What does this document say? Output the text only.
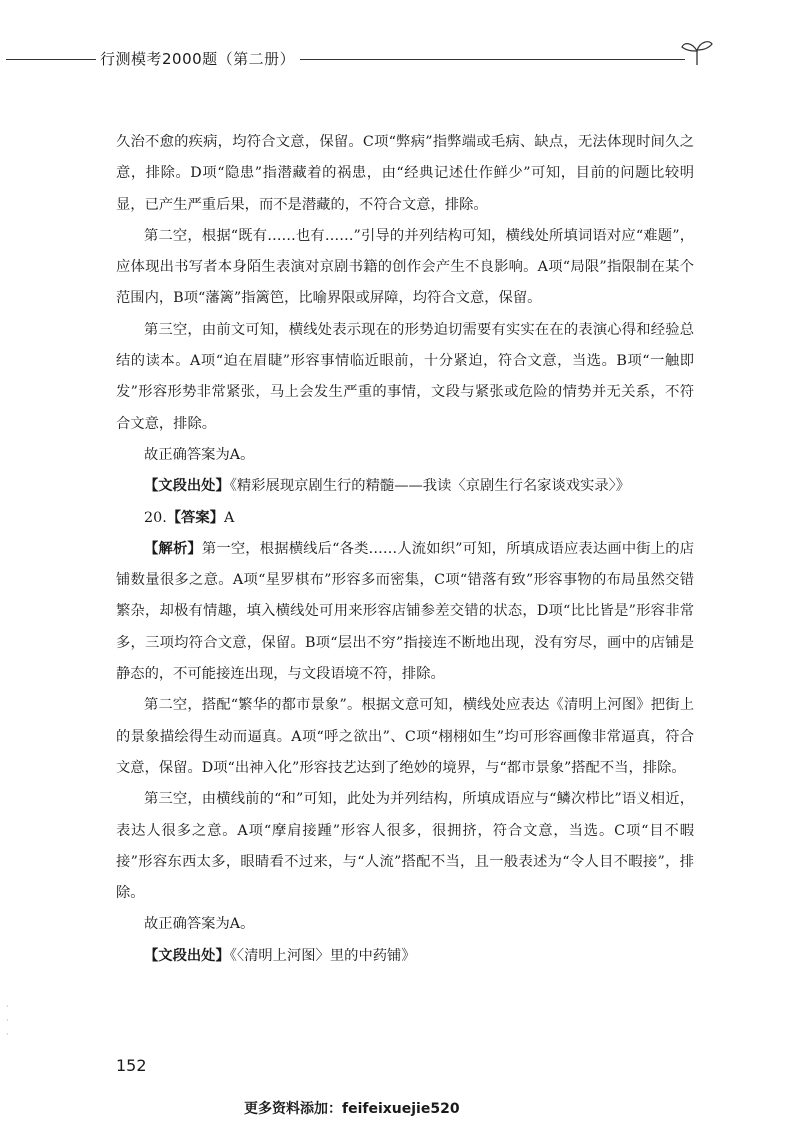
行测模考2000题（第二册）

久治不愈的疾病，均符合文意，保留。C项“弊病”指弊端或毛病、缺点，无法体现时间久之意，排除。D项“隐患”指潜藏着的祸患，由“经典记述仕作鲜少”可知，目前的问题比较明显，已产生严重后果，而不是潜藏的，不符合文意，排除。

第二空，根据“既有……也有……”引导的并列结构可知，横线处所填词语对应“难题”，应体现出书写者本身陌生表演对京剧书籍的创作会产生不良影响。A项“局限”指限制在某个范围内，B项“藩篱”指篱笆，比喻界限或屏障，均符合文意，保留。

第三空，由前文可知，横线处表示现在的形势迫切需要有实实在在的表演心得和经验总结的读本。A项“迫在眉睫”形容事情临近眼前，十分紧迫，符合文意，当选。B项“一触即发”形容形势非常紧张，马上会发生严重的事情，文段与紧张或危险的情势并无关系，不符合文意，排除。

故正确答案为A。

【文段出处】《精彩展现京剧生行的精髓——我读〈京剧生行名家谈戏实录〉》

20.【答案】A

【解析】第一空，根据横线后“各类……人流如织”可知，所填成语应表达画中街上的店铺数量很多之意。A项“星罗棋布”形容多而密集，C项“错落有致”形容事物的布局虽然交错繁杂，却极有情趣，填入横线处可用来形容店铺参差交错的状态，D项“比比皆是”形容非常多，三项均符合文意，保留。B项“层出不穷”指接连不断地出现，没有穷尽，画中的店铺是静态的，不可能接连出现，与文段语境不符，排除。

第二空，搭配“繁华的都市景象”。根据文意可知，横线处应表达《清明上河图》把街上的景象描绘得生动而逼真。A项“呼之欲出”、C项“栩栩如生”均可形容画像非常逼真，符合文意，保留。D项“出神入化”形容技艺达到了绝妙的境界，与“都市景象”搭配不当，排除。

第三空，由横线前的“和”可知，此处为并列结构，所填成语应与“鳞次栉比”语义相近，表达人很多之意。A项“摩肩接踵”形容人很多，很拥挤，符合文意，当选。C项“目不暇接”形容东西太多，眼睛看不过来，与“人流”搭配不当，且一般表述为“令人目不暇接”，排除。

故正确答案为A。

【文段出处】《〈清明上河图〉里的中药铺》

·
·
·
152
更多资料添加：feifeixuejie520
